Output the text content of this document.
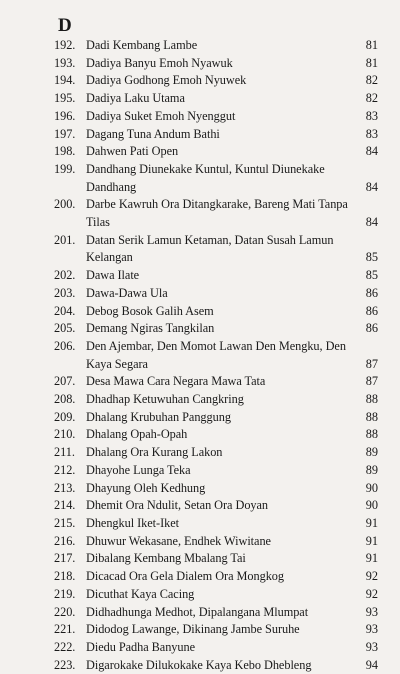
D
192. Dadi Kembang Lambe	81
193. Dadiya Banyu Emoh Nyawuk	81
194. Dadiya Godhong Emoh Nyuwek	82
195. Dadiya Laku Utama	82
196. Dadiya Suket Emoh Nyenggut	83
197. Dagang Tuna Andum Bathi	83
198. Dahwen Pati Open	84
199. Dandhang Diunekake Kuntul, Kuntul Diunekake
Dandhang	84
200. Darbe Kawruh Ora Ditangkarake, Bareng Mati Tanpa
Tilas	84
201. Datan Serik Lamun Ketaman, Datan Susah Lamun
Kelangan	85
202. Dawa Ilate	85
203. Dawa-Dawa Ula	86
204. Debog Bosok Galih Asem	86
205. Demang Ngiras Tangkilan	86
206. Den Ajembar, Den Momot Lawan Den Mengku, Den
Kaya Segara	87
207. Desa Mawa Cara Negara Mawa Tata	87
208. Dhadhap Ketuwuhan Cangkring	88
209. Dhalang Krubuhan Panggung	88
210. Dhalang Opah-Opah	88
211. Dhalang Ora Kurang Lakon	89
212. Dhayohe Lunga Teka	89
213. Dhayung Oleh Kedhung	90
214. Dhemit Ora Ndulit, Setan Ora Doyan	90
215. Dhengkul Iket-Iket	91
216. Dhuwur Wekasane, Endhek Wiwitane	91
217. Dibalang Kembang Mbalang Tai	91
218. Dicacad Ora Gela Dialem Ora Mongkog	92
219. Dicuthat Kaya Cacing	92
220. Didhadhunga Medhot, Dipalangana Mlumpat	93
221. Didodog Lawange, Dikinang Jambe Suruhe	93
222. Diedu Padha Banyune	93
223. Digarokake Dilukokake Kaya Kebo Dhebleng	94
